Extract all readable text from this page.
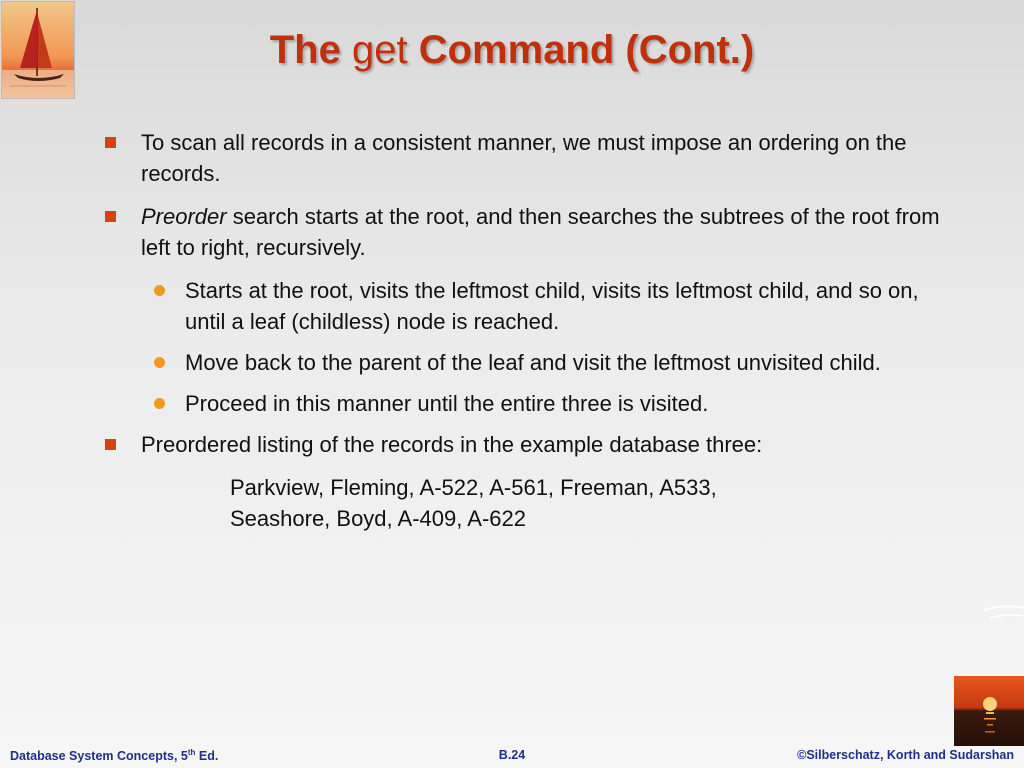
The get Command (Cont.)
To scan all records in a consistent manner, we must impose an ordering on the records.
Preorder search starts at the root, and then searches the subtrees of the root from left to right, recursively.
Starts at the root, visits the leftmost child, visits its leftmost child, and so on, until a leaf (childless) node is reached.
Move back to the parent of the leaf and visit the leftmost unvisited child.
Proceed in this manner until the entire three is visited.
Preordered listing of the records in the example database three:
Parkview, Fleming, A-522, A-561, Freeman, A533,
Seashore, Boyd, A-409, A-622
Database System Concepts, 5th Ed.	B.24	©Silberschatz, Korth and Sudarshan
